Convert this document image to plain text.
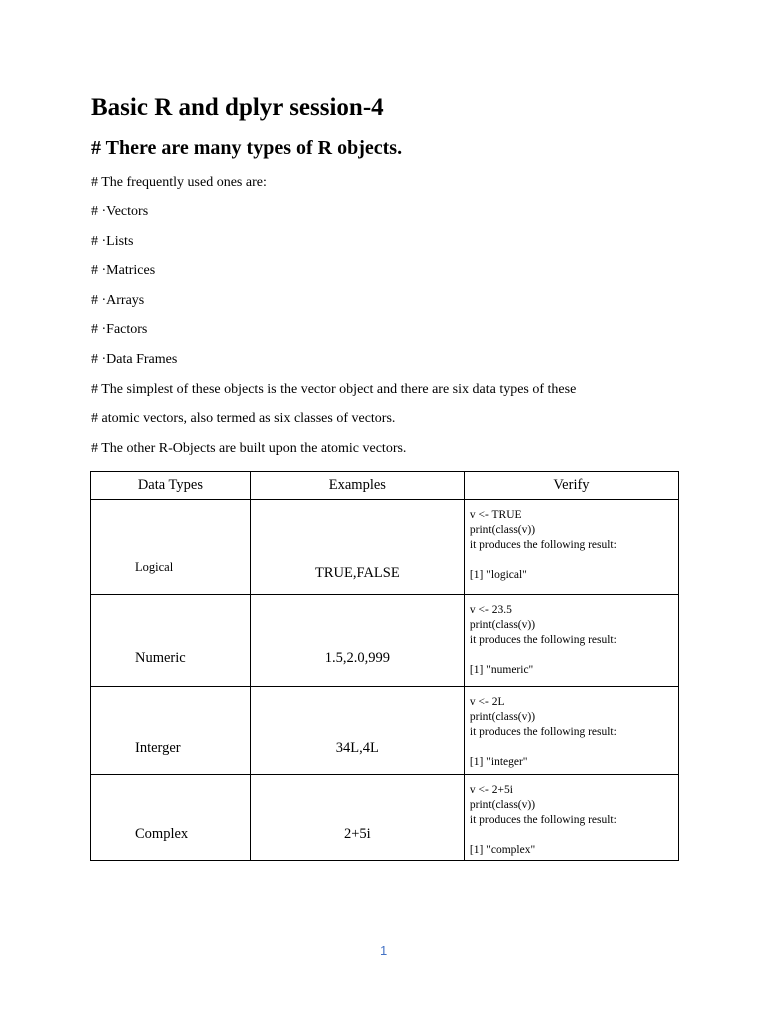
Basic R and dplyr session-4
# There are many types of R objects.
# The frequently used ones are:
# ·Vectors
# ·Lists
# ·Matrices
# ·Arrays
# ·Factors
# ·Data Frames
# The simplest of these objects is the vector object and there are six data types of these
# atomic vectors, also termed as six classes of vectors.
# The other R-Objects are built upon the atomic vectors.
Data Types	Examples	Verify

Logical	TRUE,FALSE	v <- TRUE
print(class(v))
it produces the following result:
[1] "logical"

Numeric	1.5,2.0,999	v <- 23.5
print(class(v))
it produces the following result:
[1] "numeric"

Interger	34L,4L	v <- 2L
print(class(v))
it produces the following result:
[1] "integer"

Complex	2+5i	v <- 2+5i
print(class(v))
it produces the following result:
[1] "complex"
1
